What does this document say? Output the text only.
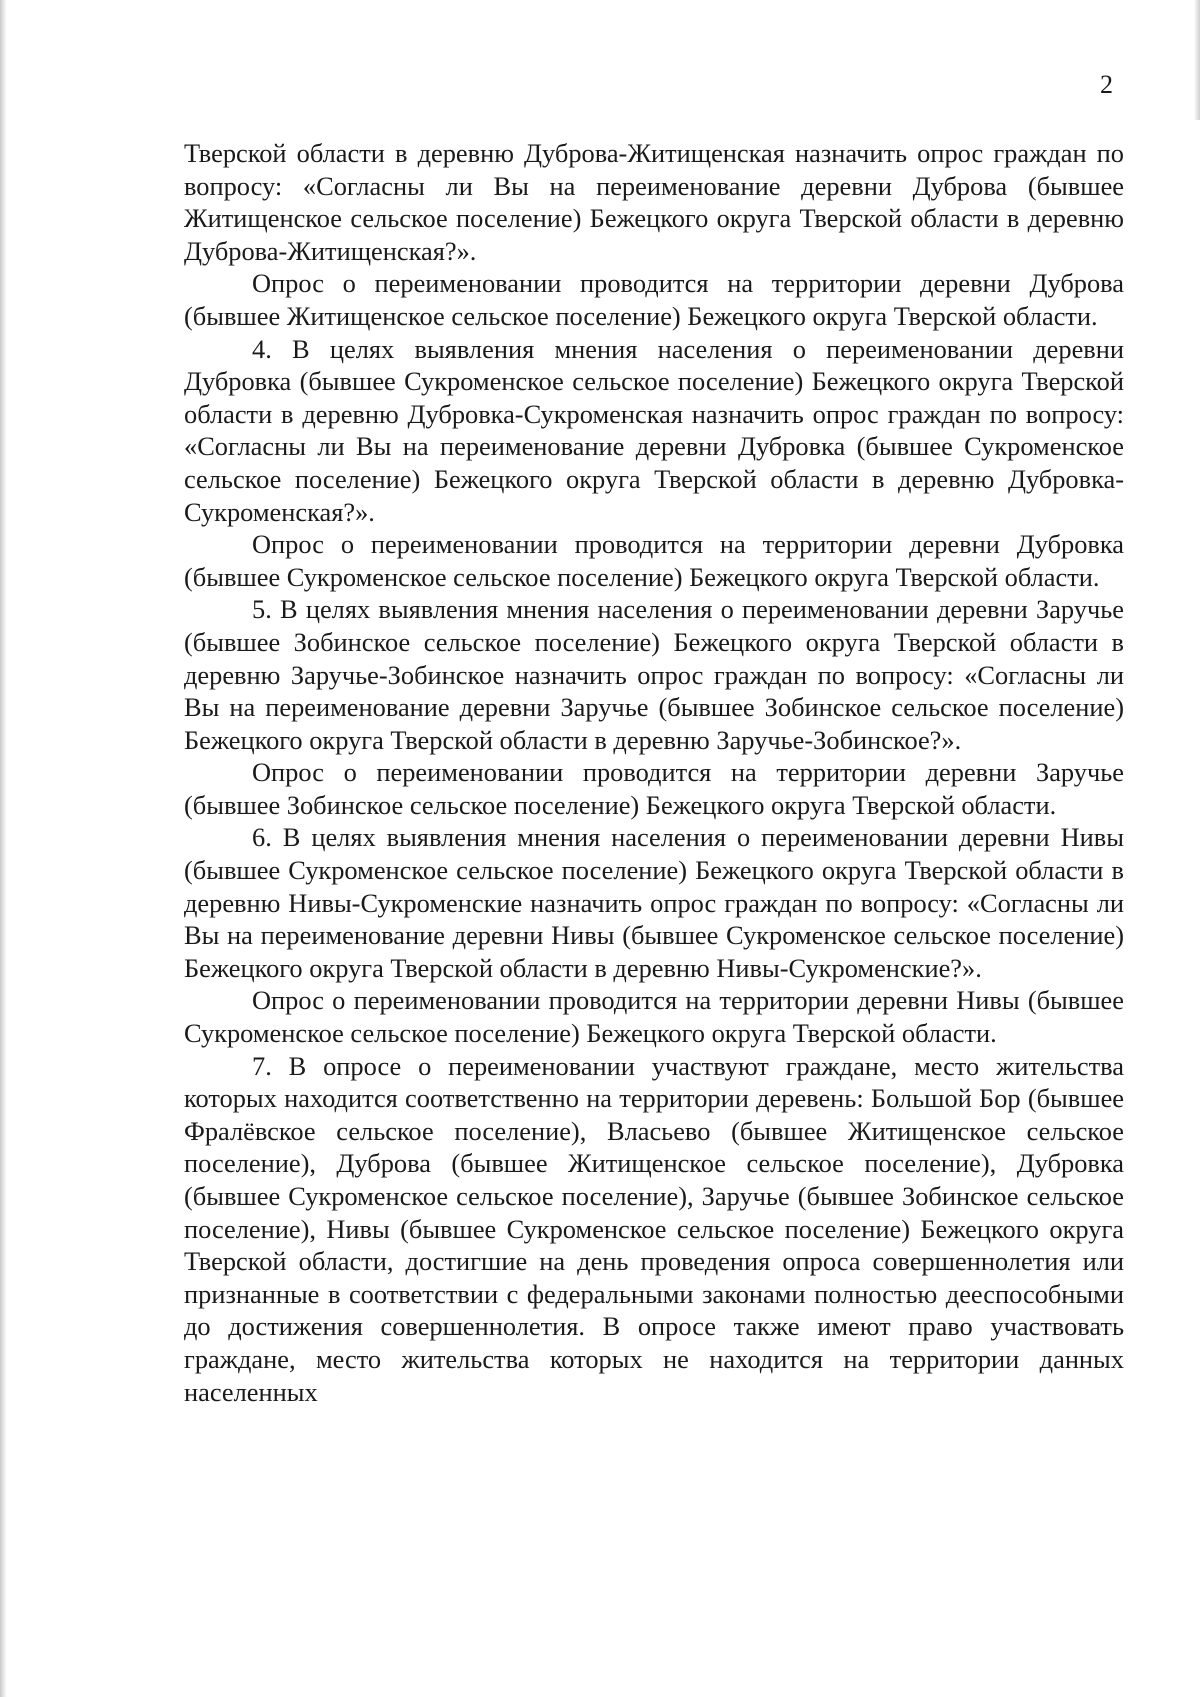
2

Тверской области в деревню Дуброва-Житищенская назначить опрос граждан по вопросу: «Согласны ли Вы на переименование деревни Дуброва (бывшее Житищенское сельское поселение) Бежецкого округа Тверской области в деревню Дуброва-Житищенская?».

Опрос о переименовании проводится на территории деревни Дуброва (бывшее Житищенское сельское поселение) Бежецкого округа Тверской области.

4. В целях выявления мнения населения о переименовании деревни Дубровка (бывшее Сукроменское сельское поселение) Бежецкого округа Тверской области в деревню Дубровка-Сукроменская назначить опрос граждан по вопросу: «Согласны ли Вы на переименование деревни Дубровка (бывшее Сукроменское сельское поселение) Бежецкого округа Тверской области в деревню Дубровка-Сукроменская?».

Опрос о переименовании проводится на территории деревни Дубровка (бывшее Сукроменское сельское поселение) Бежецкого округа Тверской области.

5. В целях выявления мнения населения о переименовании деревни Заручье (бывшее Зобинское сельское поселение) Бежецкого округа Тверской области в деревню Заручье-Зобинское назначить опрос граждан по вопросу: «Согласны ли Вы на переименование деревни Заручье (бывшее Зобинское сельское поселение) Бежецкого округа Тверской области в деревню Заручье-Зобинское?».

Опрос о переименовании проводится на территории деревни Заручье (бывшее Зобинское сельское поселение) Бежецкого округа Тверской области.

6. В целях выявления мнения населения о переименовании деревни Нивы (бывшее Сукроменское сельское поселение) Бежецкого округа Тверской области в деревню Нивы-Сукроменские назначить опрос граждан по вопросу: «Согласны ли Вы на переименование деревни Нивы (бывшее Сукроменское сельское поселение) Бежецкого округа Тверской области в деревню Нивы-Сукроменские?».

Опрос о переименовании проводится на территории деревни Нивы (бывшее Сукроменское сельское поселение) Бежецкого округа Тверской области.

7. В опросе о переименовании участвуют граждане, место жительства которых находится соответственно на территории деревень: Большой Бор (бывшее Фралёвское сельское поселение), Власьево (бывшее Житищенское сельское поселение), Дуброва (бывшее Житищенское сельское поселение), Дубровка (бывшее Сукроменское сельское поселение), Заручье (бывшее Зобинское сельское поселение), Нивы (бывшее Сукроменское сельское поселение) Бежецкого округа Тверской области, достигшие на день проведения опроса совершеннолетия или признанные в соответствии с федеральными законами полностью дееспособными до достижения совершеннолетия. В опросе также имеют право участвовать граждане, место жительства которых не находится на территории данных населенных
